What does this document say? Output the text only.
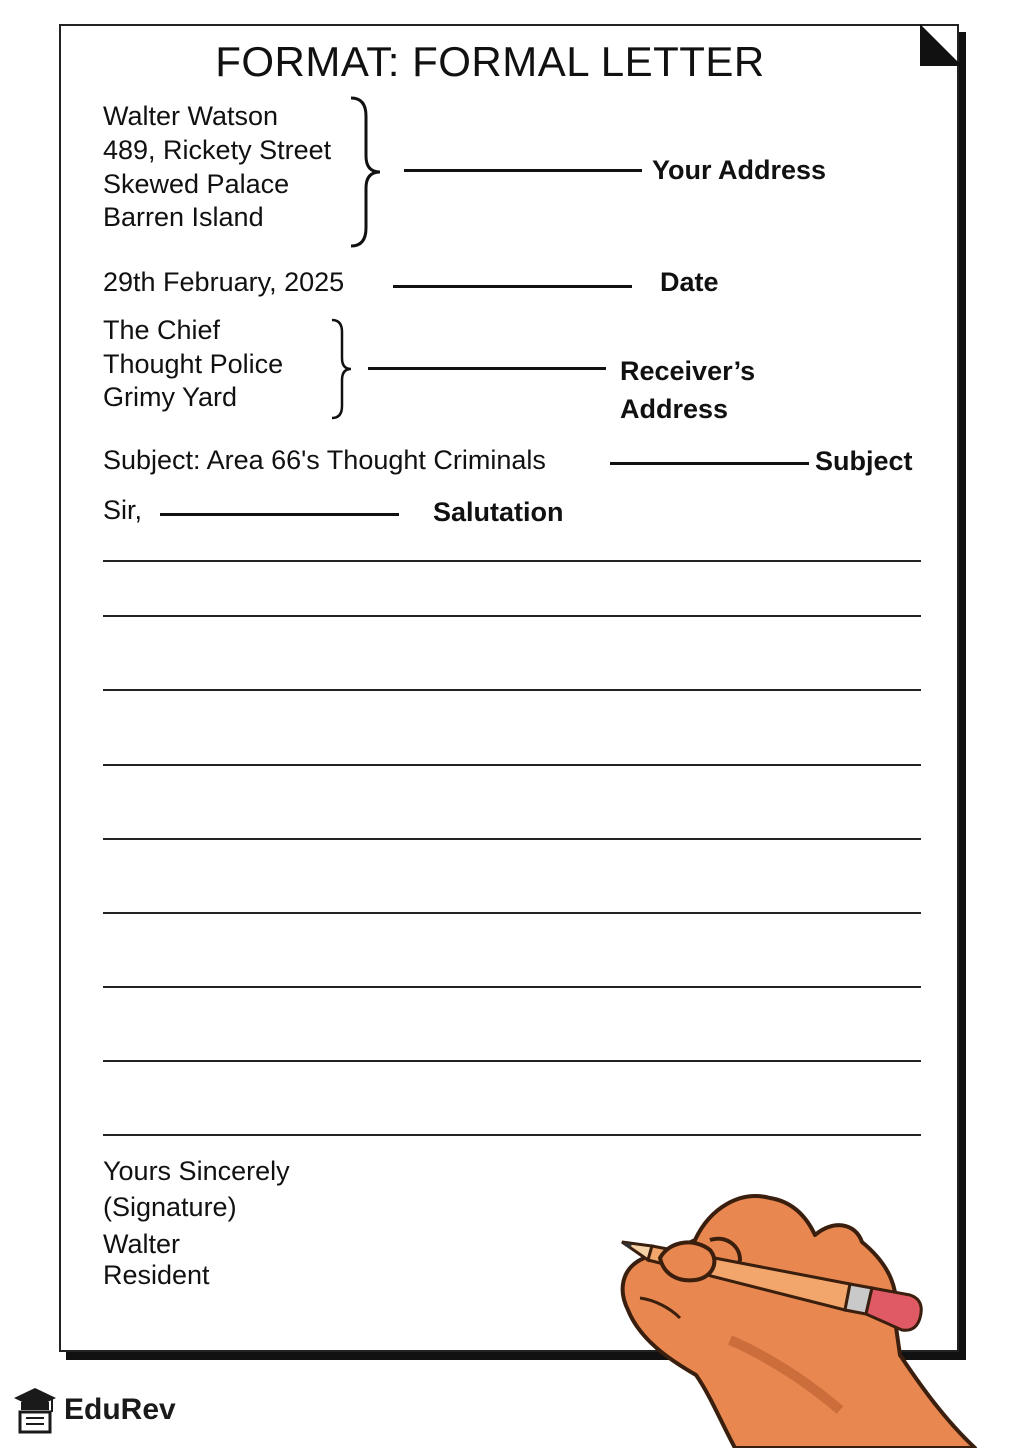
FORMAT: FORMAL LETTER
Walter Watson
489, Rickety Street
Skewed Palace
Barren Island
Your Address
29th February, 2025	Date
The Chief
Thought Police
Grimy Yard
Receiver’s
Address
Subject: Area 66's Thought Criminals	Subject
Sir,	Salutation
Yours Sincerely
(Signature)
Walter
Resident
EduRev
